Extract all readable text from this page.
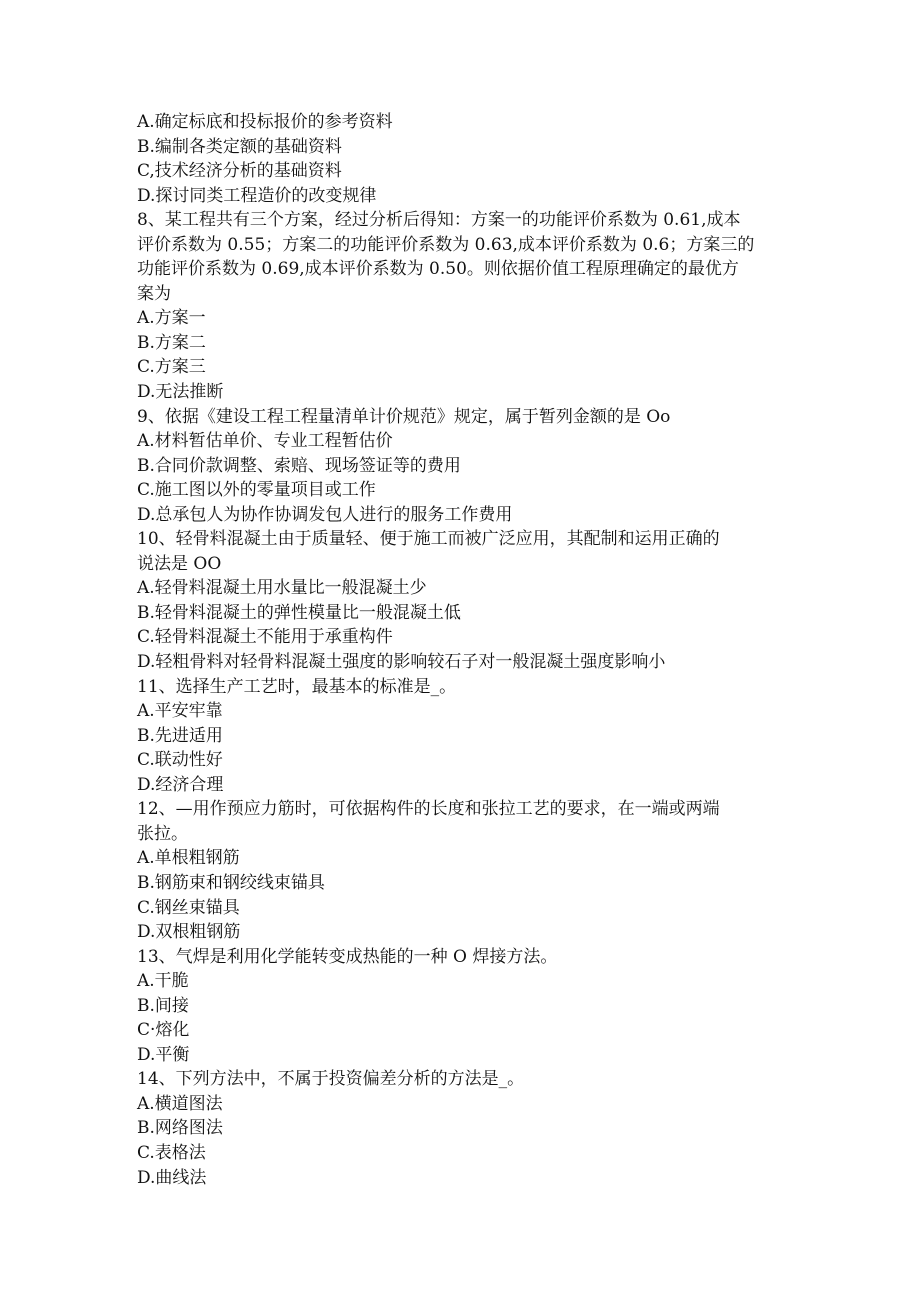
A.确定标底和投标报价的参考资料
B.编制各类定额的基础资料
C,技术经济分析的基础资料
D.探讨同类工程造价的改变规律
8、某工程共有三个方案，经过分析后得知：方案一的功能评价系数为 0.61,成本
评价系数为 0.55；方案二的功能评价系数为 0.63,成本评价系数为 0.6；方案三的
功能评价系数为 0.69,成本评价系数为 0.50。则依据价值工程原理确定的最优方
案为
A.方案一
B.方案二
C.方案三
D.无法推断
9、依据《建设工程工程量清单计价规范》规定，属于暂列金额的是 Oo
A.材料暂估单价、专业工程暂估价
B.合同价款调整、索赔、现场签证等的费用
C.施工图以外的零量项目或工作
D.总承包人为协作协调发包人进行的服务工作费用
10、轻骨料混凝土由于质量轻、便于施工而被广泛应用，其配制和运用正确的
说法是 OO
A.轻骨料混凝土用水量比一般混凝土少
B.轻骨料混凝土的弹性模量比一般混凝土低
C.轻骨料混凝土不能用于承重构件
D.轻粗骨料对轻骨料混凝土强度的影响较石子对一般混凝土强度影响小
11、选择生产工艺时，最基本的标准是_。
A.平安牢靠
B.先进适用
C.联动性好
D.经济合理
12、—用作预应力筋时，可依据构件的长度和张拉工艺的要求，在一端或两端
张拉。
A.单根粗钢筋
B.钢筋束和钢绞线束锚具
C.钢丝束锚具
D.双根粗钢筋
13、气焊是利用化学能转变成热能的一种 O 焊接方法。
A.干脆
B.间接
C·熔化
D.平衡
14、下列方法中，不属于投资偏差分析的方法是_。
A.横道图法
B.网络图法
C.表格法
D.曲线法
